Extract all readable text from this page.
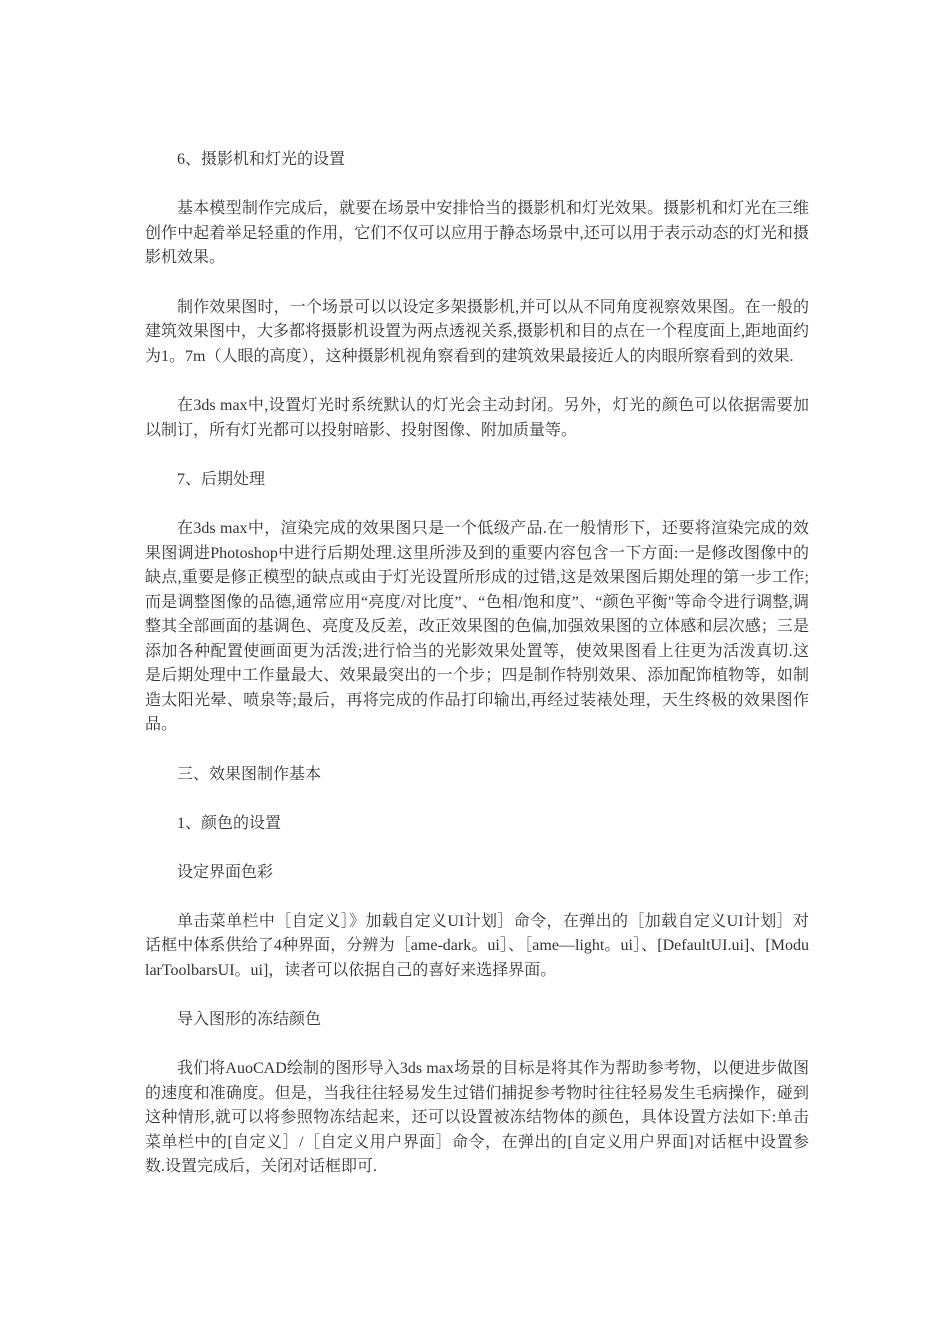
6、摄影机和灯光的设置

基本模型制作完成后，就要在场景中安排恰当的摄影机和灯光效果。摄影机和灯光在三维创作中起着举足轻重的作用，它们不仅可以应用于静态场景中,还可以用于表示动态的灯光和摄影机效果。

制作效果图时，一个场景可以以设定多架摄影机,并可以从不同角度视察效果图。在一般的建筑效果图中，大多都将摄影机设置为两点透视关系,摄影机和目的点在一个程度面上,距地面约为1。7m（人眼的高度），这种摄影机视角察看到的建筑效果最接近人的肉眼所察看到的效果.

在3ds max中,设置灯光时系统默认的灯光会主动封闭。另外，灯光的颜色可以依据需要加以制订，所有灯光都可以投射暗影、投射图像、附加质量等。

7、后期处理

在3ds max中，渲染完成的效果图只是一个低级产品.在一般情形下，还要将渲染完成的效果图调进Photoshop中进行后期处理.这里所涉及到的重要内容包含一下方面:一是修改图像中的缺点,重要是修正模型的缺点或由于灯光设置所形成的过错,这是效果图后期处理的第一步工作;而是调整图像的品德,通常应用“亮度/对比度”、“色相/饱和度”、“颜色平衡"等命令进行调整,调整其全部画面的基调色、亮度及反差，改正效果图的色偏,加强效果图的立体感和层次感；三是添加各种配置使画面更为活泼;进行恰当的光影效果处置等，使效果图看上往更为活泼真切.这是后期处理中工作量最大、效果最突出的一个步；四是制作特别效果、添加配饰植物等，如制造太阳光晕、喷泉等;最后，再将完成的作品打印输出,再经过装裱处理，天生终极的效果图作品。

三、效果图制作基本

1、颜色的设置

设定界面色彩

单击菜单栏中［自定义］》加载自定义UI计划］命令，在弹出的［加载自定义UI计划］对话框中体系供给了4种界面，分辨为［ame-dark。ui］、［ame—light。ui］、[DefaultUI.ui]、[ModularToolbarsUI。ui]，读者可以依据自己的喜好来选择界面。

导入图形的冻结颜色

我们将AuoCAD绘制的图形导入3ds max场景的目标是将其作为帮助参考物，以便进步做图的速度和准确度。但是，当我往往轻易发生过错们捕捉参考物时往往轻易发生毛病操作，碰到这种情形,就可以将参照物冻结起来，还可以设置被冻结物体的颜色，具体设置方法如下:单击菜单栏中的[自定义］/［自定义用户界面］命令，在弹出的[自定义用户界面]对话框中设置参数.设置完成后，关闭对话框即可.
